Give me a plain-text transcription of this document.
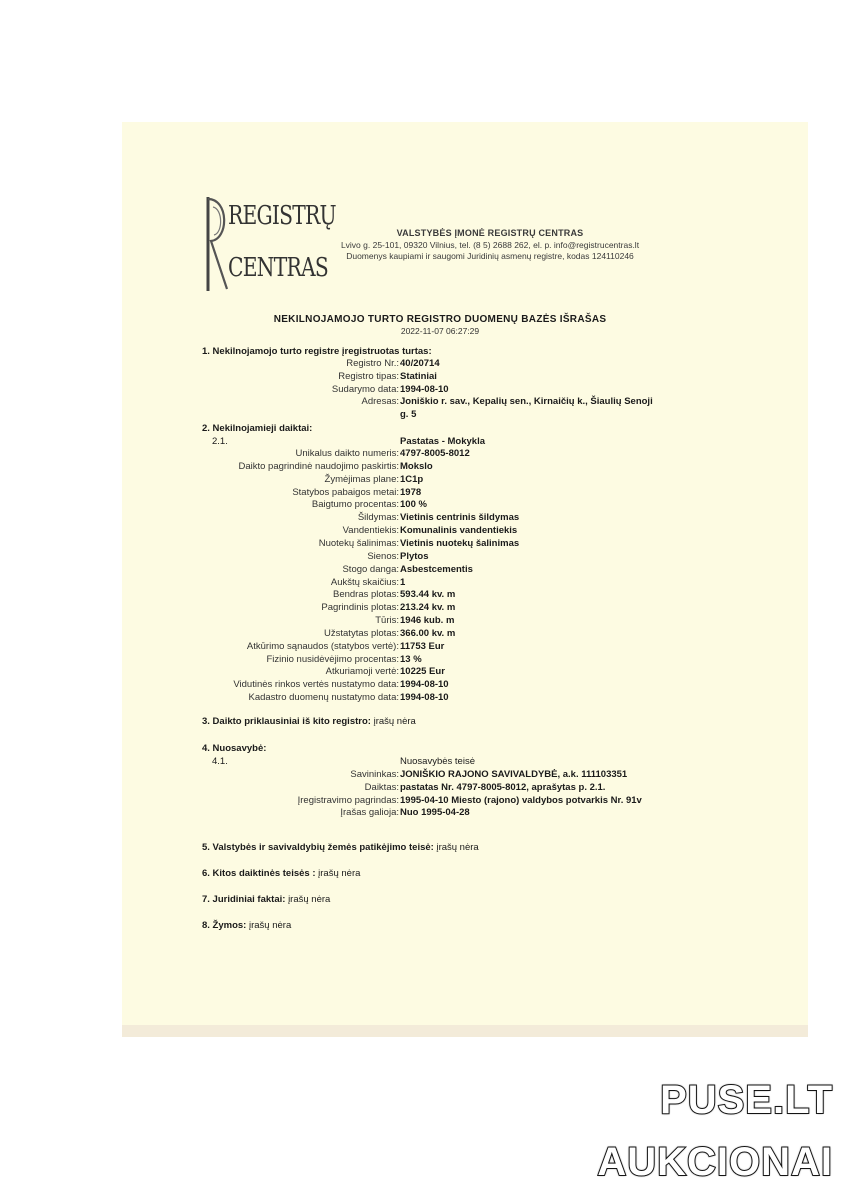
REGISTRŲ
CENTRAS
VALSTYBĖS ĮMONĖ REGISTRŲ CENTRAS
Lvivo g. 25-101, 09320 Vilnius, tel. (8 5) 2688 262, el. p. info@registrucentras.lt
Duomenys kaupiami ir saugomi Juridinių asmenų registre, kodas 124110246
NEKILNOJAMOJO TURTO REGISTRO DUOMENŲ BAZĖS IŠRAŠAS
2022-11-07 06:27:29
1. Nekilnojamojo turto registre įregistruotas turtas:
Registro Nr.: 40/20714
Registro tipas: Statiniai
Sudarymo data: 1994-08-10
Adresas: Joniškio r. sav., Kepalių sen., Kirnaičių k., Šiaulių Senoji
g. 5
2. Nekilnojamieji daiktai:
2.1.	Pastatas - Mokykla
Unikalus daikto numeris: 4797-8005-8012
Daikto pagrindinė naudojimo paskirtis: Mokslo
Žymėjimas plane: 1C1p
Statybos pabaigos metai: 1978
Baigtumo procentas: 100 %
Šildymas: Vietinis centrinis šildymas
Vandentiekis: Komunalinis vandentiekis
Nuotekų šalinimas: Vietinis nuotekų šalinimas
Sienos: Plytos
Stogo danga: Asbestcementis
Aukštų skaičius: 1
Bendras plotas: 593.44 kv. m
Pagrindinis plotas: 213.24 kv. m
Tūris: 1946 kub. m
Užstatytas plotas: 366.00 kv. m
Atkūrimo sąnaudos (statybos vertė): 11753 Eur
Fizinio nusidėvėjimo procentas: 13 %
Atkuriamoji vertė: 10225 Eur
Vidutinės rinkos vertės nustatymo data: 1994-08-10
Kadastro duomenų nustatymo data: 1994-08-10
3. Daikto priklausiniai iš kito registro: įrašų nėra
4. Nuosavybė:
4.1.	Nuosavybės teisė
Savininkas: JONIŠKIO RAJONO SAVIVALDYBĖ, a.k. 111103351
Daiktas: pastatas Nr. 4797-8005-8012, aprašytas p. 2.1.
Įregistravimo pagrindas: 1995-04-10 Miesto (rajono) valdybos potvarkis Nr. 91v
Įrašas galioja: Nuo 1995-04-28
5. Valstybės ir savivaldybių žemės patikėjimo teisė: įrašų nėra
6. Kitos daiktinės teisės : įrašų nėra
7. Juridiniai faktai: įrašų nėra
8. Žymos: įrašų nėra
PUSE.LT
AUKCIONAI
